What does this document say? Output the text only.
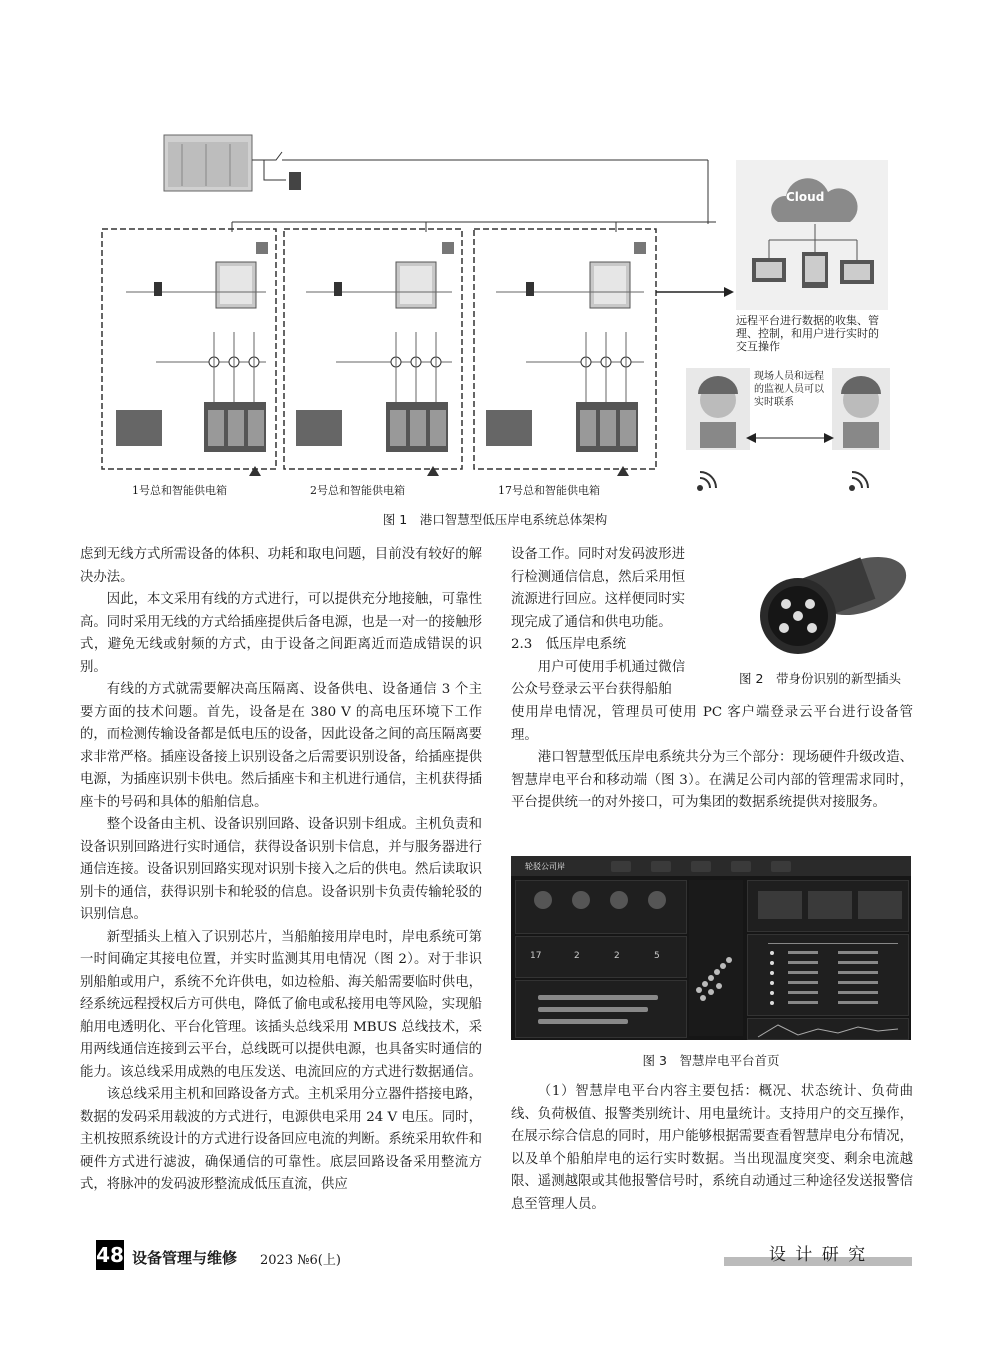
Cloud
远程平台进行数据的收集、管理、控制，和用户进行实时的交互操作
现场人员和远程的监视人员可以实时联系
1号总和智能供电箱	2号总和智能供电箱	17号总和智能供电箱
图 1　港口智慧型低压岸电系统总体架构

虑到无线方式所需设备的体积、功耗和取电问题，目前没有较好的解决办法。

因此，本文采用有线的方式进行，可以提供充分地接触，可靠性高。同时采用无线的方式给插座提供后备电源，也是一对一的接触形式，避免无线或射频的方式，由于设备之间距离近而造成错误的识别。

有线的方式就需要解决高压隔离、设备供电、设备通信 3 个主要方面的技术问题。首先，设备是在 380 V 的高电压环境下工作的，而检测传输设备都是低电压的设备，因此设备之间的高压隔离要求非常严格。插座设备接上识别设备之后需要识别设备，给插座提供电源，为插座识别卡供电。然后插座卡和主机进行通信，主机获得插座卡的号码和具体的船舶信息。

整个设备由主机、设备识别回路、设备识别卡组成。主机负责和设备识别回路进行实时通信，获得设备识别卡信息，并与服务器进行通信连接。设备识别回路实现对识别卡接入之后的供电。然后读取识别卡的通信，获得识别卡和轮驳的信息。设备识别卡负责传输轮驳的识别信息。

新型插头上植入了识别芯片，当船舶接用岸电时，岸电系统可第一时间确定其接电位置，并实时监测其用电情况（图 2）。对于非识别船舶或用户，系统不允许供电，如边检船、海关船需要临时供电，经系统远程授权后方可供电，降低了偷电或私接用电等风险，实现船舶用电透明化、平台化管理。该插头总线采用 MBUS 总线技术，采用两线通信连接到云平台，总线既可以提供电源，也具备实时通信的能力。该总线采用成熟的电压发送、电流回应的方式进行数据通信。

该总线采用主机和回路设备方式。主机采用分立器件搭接电路，数据的发码采用载波的方式进行，电源供电采用 24 V 电压。同时，主机按照系统设计的方式进行设备回应电流的判断。系统采用软件和硬件方式进行滤波，确保通信的可靠性。底层回路设备采用整流方式，将脉冲的发码波形整流成低压直流，供应

设备工作。同时对发码波形进
行检测通信信息，然后采用恒
流源进行回应。这样便同时实
现完成了通信和供电功能。
2.3　低压岸电系统
用户可使用手机通过微信
公众号登录云平台获得船舶
图 2　带身份识别的新型插头

使用岸电情况，管理员可使用 PC 客户端登录云平台进行设备管理。

港口智慧型低压岸电系统共分为三个部分：现场硬件升级改造、智慧岸电平台和移动端（图 3）。在满足公司内部的管理需求同时，平台提供统一的对外接口，可为集团的数据系统提供对接服务。

轮驳公司岸

17	2	2	5
图 3　智慧岸电平台首页

（1）智慧岸电平台内容主要包括：概况、状态统计、负荷曲线、负荷极值、报警类别统计、用电量统计。支持用户的交互操作，在展示综合信息的同时，用户能够根据需要查看智慧岸电分布情况，以及单个船舶岸电的运行实时数据。当出现温度突变、剩余电流越限、遥测越限或其他报警信号时，系统自动通过三种途径发送报警信息至管理人员。

48 设备管理与维修 2023 №6(上)	设 计 研 究
